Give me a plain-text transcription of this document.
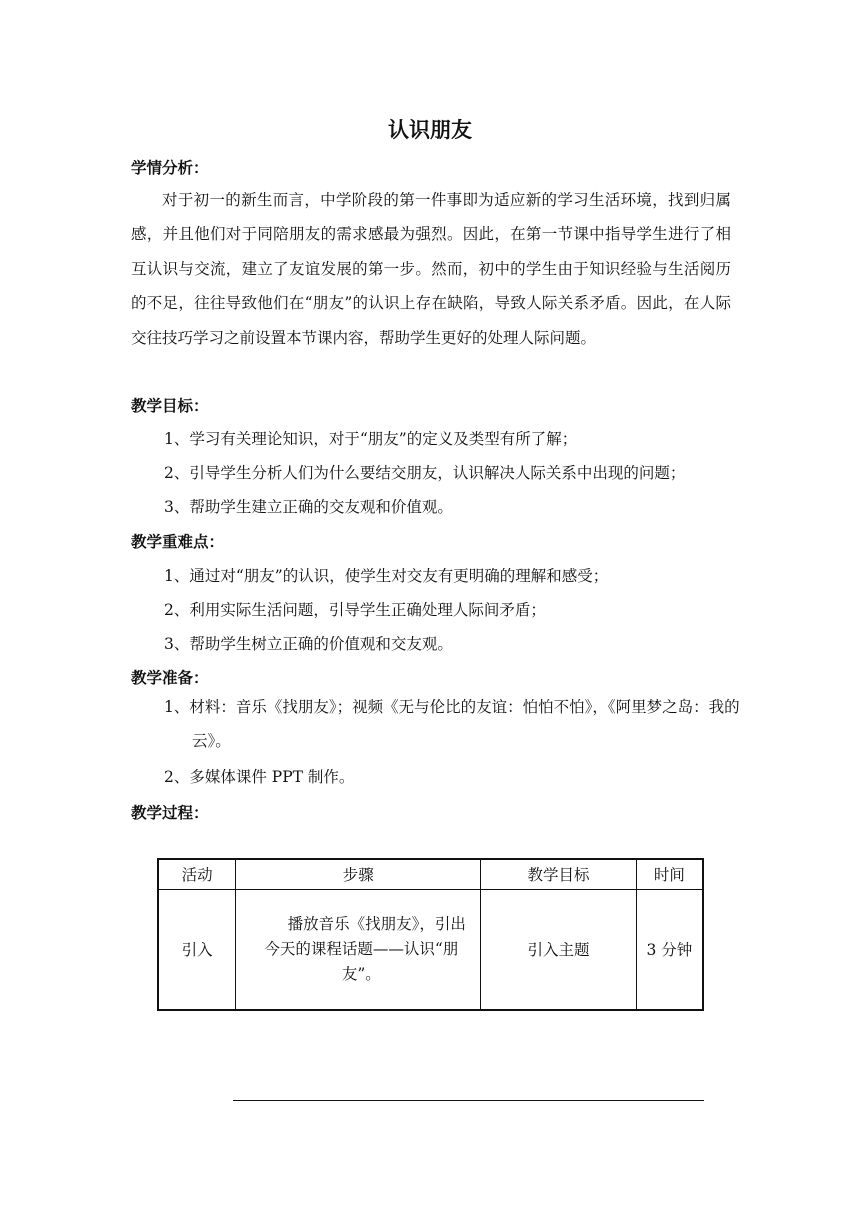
认识朋友
学情分析：
对于初一的新生而言，中学阶段的第一件事即为适应新的学习生活环境，找到归属感，并且他们对于同陪朋友的需求感最为强烈。因此，在第一节课中指导学生进行了相互认识与交流，建立了友谊发展的第一步。然而，初中的学生由于知识经验与生活阅历的不足，往往导致他们在“朋友”的认识上存在缺陷，导致人际关系矛盾。因此，在人际交往技巧学习之前设置本节课内容，帮助学生更好的处理人际问题。
教学目标：
1、学习有关理论知识，对于“朋友”的定义及类型有所了解；
2、引导学生分析人们为什么要结交朋友，认识解决人际关系中出现的问题；
3、帮助学生建立正确的交友观和价值观。
教学重难点：
1、通过对“朋友”的认识，使学生对交友有更明确的理解和感受；
2、利用实际生活问题，引导学生正确处理人际间矛盾；
3、帮助学生树立正确的价值观和交友观。
教学准备：
1、材料：音乐《找朋友》；视频《无与伦比的友谊：怕怕不怕》，《阿里梦之岛：我的云》。
2、多媒体课件 PPT 制作。
教学过程：
活动	步骤	教学目标	时间
引入	播放音乐《找朋友》，引出今天的课程话题——认识“朋友”。	引入主题	3 分钟
